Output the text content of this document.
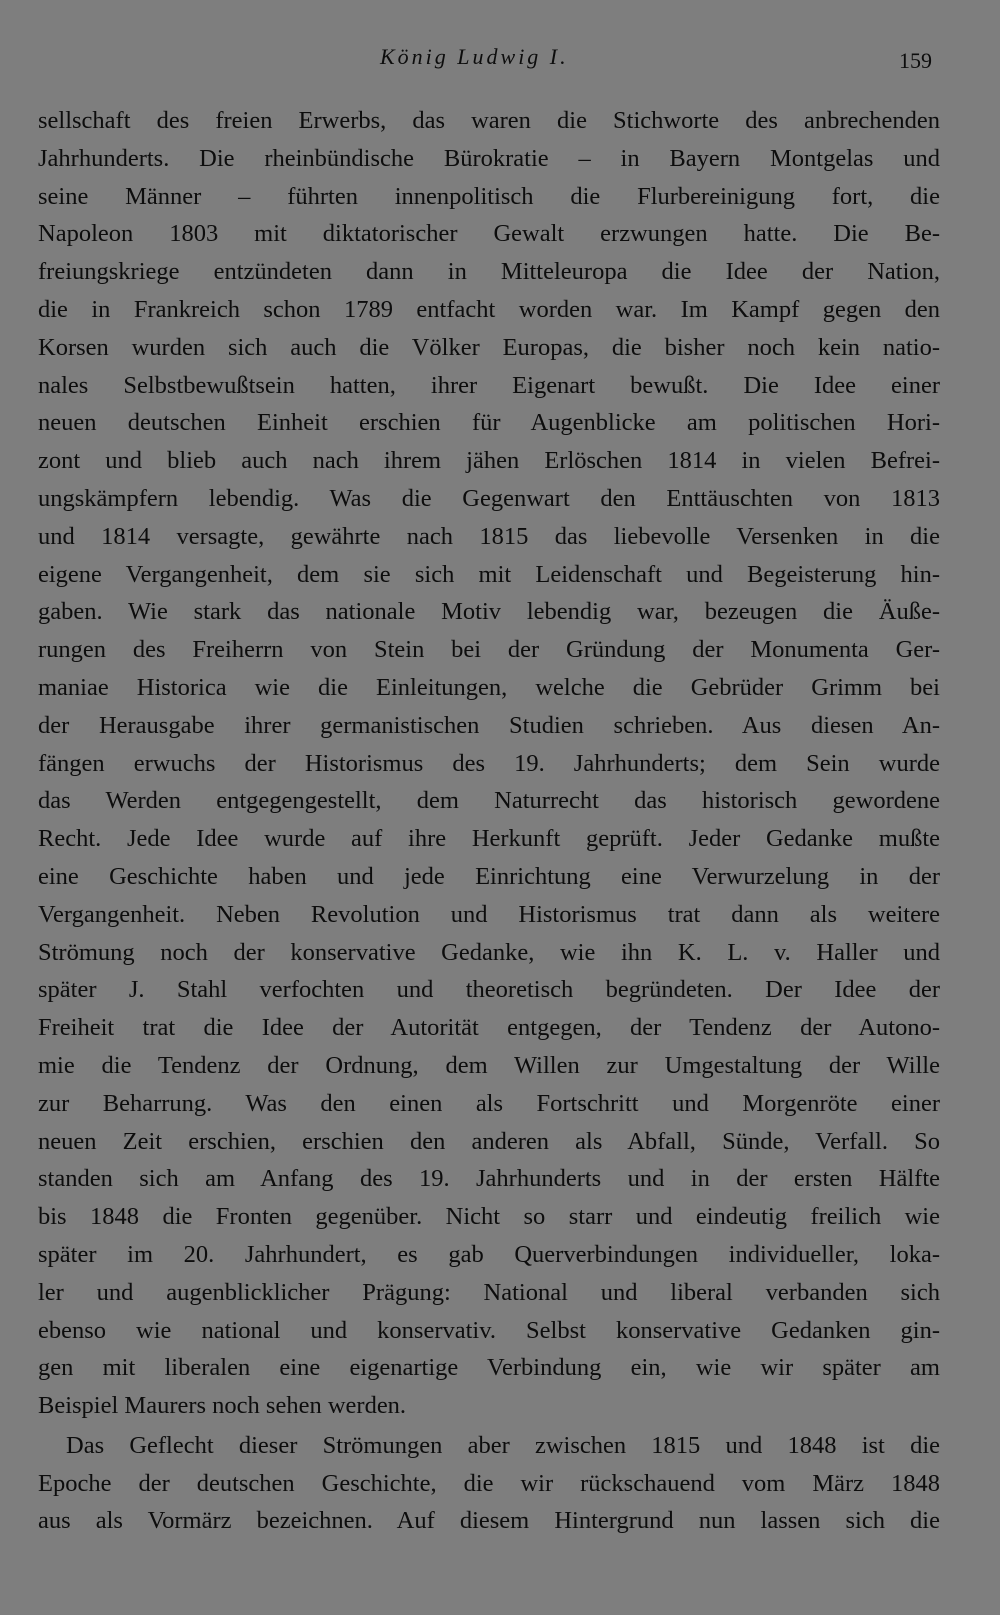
König Ludwig I.	159
sellschaft des freien Erwerbs, das waren die Stichworte des anbrechenden
Jahrhunderts. Die rheinbündische Bürokratie – in Bayern Montgelas und
seine Männer – führten innenpolitisch die Flurbereinigung fort, die
Napoleon 1803 mit diktatorischer Gewalt erzwungen hatte. Die Be-
freiungskriege entzündeten dann in Mitteleuropa die Idee der Nation,
die in Frankreich schon 1789 entfacht worden war. Im Kampf gegen den
Korsen wurden sich auch die Völker Europas, die bisher noch kein natio-
nales Selbstbewußtsein hatten, ihrer Eigenart bewußt. Die Idee einer
neuen deutschen Einheit erschien für Augenblicke am politischen Hori-
zont und blieb auch nach ihrem jähen Erlöschen 1814 in vielen Befrei-
ungskämpfern lebendig. Was die Gegenwart den Enttäuschten von 1813
und 1814 versagte, gewährte nach 1815 das liebevolle Versenken in die
eigene Vergangenheit, dem sie sich mit Leidenschaft und Begeisterung hin-
gaben. Wie stark das nationale Motiv lebendig war, bezeugen die Äuße-
rungen des Freiherrn von Stein bei der Gründung der Monumenta Ger-
maniae Historica wie die Einleitungen, welche die Gebrüder Grimm bei
der Herausgabe ihrer germanistischen Studien schrieben. Aus diesen An-
fängen erwuchs der Historismus des 19. Jahrhunderts; dem Sein wurde
das Werden entgegengestellt, dem Naturrecht das historisch gewordene
Recht. Jede Idee wurde auf ihre Herkunft geprüft. Jeder Gedanke mußte
eine Geschichte haben und jede Einrichtung eine Verwurzelung in der
Vergangenheit. Neben Revolution und Historismus trat dann als weitere
Strömung noch der konservative Gedanke, wie ihn K. L. v. Haller und
später J. Stahl verfochten und theoretisch begründeten. Der Idee der
Freiheit trat die Idee der Autorität entgegen, der Tendenz der Autono-
mie die Tendenz der Ordnung, dem Willen zur Umgestaltung der Wille
zur Beharrung. Was den einen als Fortschritt und Morgenröte einer
neuen Zeit erschien, erschien den anderen als Abfall, Sünde, Verfall. So
standen sich am Anfang des 19. Jahrhunderts und in der ersten Hälfte
bis 1848 die Fronten gegenüber. Nicht so starr und eindeutig freilich wie
später im 20. Jahrhundert, es gab Querverbindungen individueller, loka-
ler und augenblicklicher Prägung: National und liberal verbanden sich
ebenso wie national und konservativ. Selbst konservative Gedanken gin-
gen mit liberalen eine eigenartige Verbindung ein, wie wir später am
Beispiel Maurers noch sehen werden.
Das Geflecht dieser Strömungen aber zwischen 1815 und 1848 ist die
Epoche der deutschen Geschichte, die wir rückschauend vom März 1848
aus als Vormärz bezeichnen. Auf diesem Hintergrund nun lassen sich die
